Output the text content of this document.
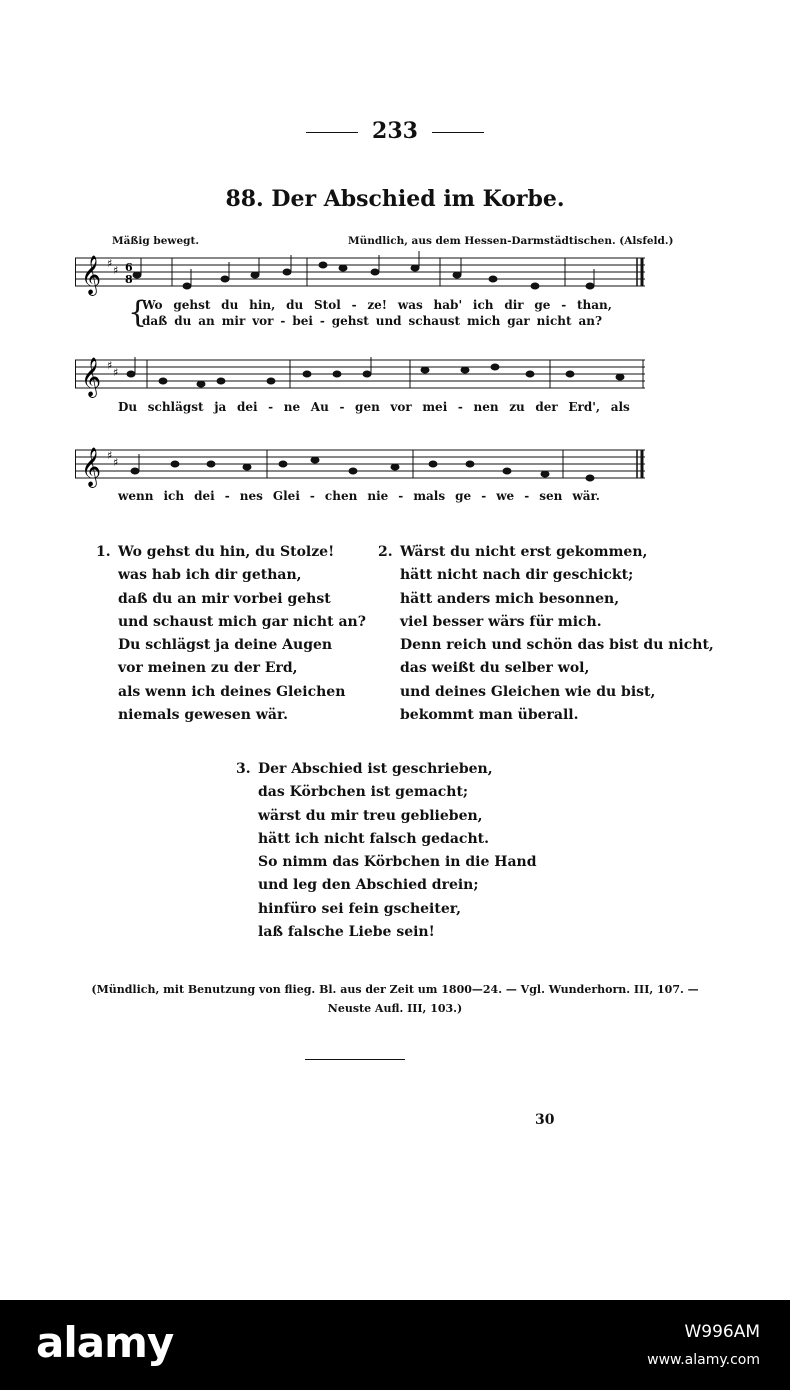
233
88. Der Abschied im Korbe.
Mäßig bewegt.	Mündlich, aus dem Hessen-Darmstädtischen. (Alsfeld.)
𝄞 ♯
♯ 6
8
{
Wo gehst du hin, du Stol - ze! was hab' ich dir ge - than,
daß du an mir vor - bei - gehst und schaust mich gar nicht an?
𝄞 ♯
♯
Du schlägst ja dei - ne Au - gen vor mei - nen zu der Erd', als
𝄞 ♯
♯
wenn ich dei - nes Glei - chen nie - mals ge - we - sen wär.
1. Wo gehst du hin, du Stolze!
was hab ich dir gethan,
daß du an mir vorbei gehst
und schaust mich gar nicht an?
Du schlägst ja deine Augen
vor meinen zu der Erd,
als wenn ich deines Gleichen
niemals gewesen wär.
2. Wärst du nicht erst gekommen,
hätt nicht nach dir geschickt;
hätt anders mich besonnen,
viel besser wärs für mich.
Denn reich und schön das bist du nicht,
das weißt du selber wol,
und deines Gleichen wie du bist,
bekommt man überall.
3. Der Abschied ist geschrieben,
das Körbchen ist gemacht;
wärst du mir treu geblieben,
hätt ich nicht falsch gedacht.
So nimm das Körbchen in die Hand
und leg den Abschied drein;
hinfüro sei fein gscheiter,
laß falsche Liebe sein!
(Mündlich, mit Benutzung von flieg. Bl. aus der Zeit um 1800—24. — Vgl. Wunderhorn. III, 107. —
Neuste Aufl. III, 103.)
30
alamy	W996AM
www.alamy.com
